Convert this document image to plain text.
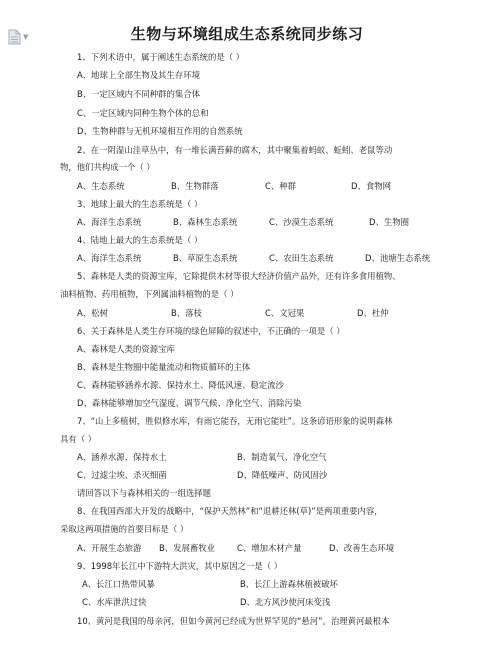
▼	生物与环境组成生态系统同步练习
1、下列术语中，属于阐述生态系统的是（ ）
A、地球上全部生物及其生存环境
B、一定区域内不同种群的集合体
C、一定区域内同种生物个体的总和
D、生物种群与无机环境相互作用的自然系统
2、在一阴湿山洼草丛中，有一堆长满苔藓的腐木，其中聚集着蚂蚁、蚯蚓、老鼠等动
物，他们共构成一个（ ）
A、生态系统	B、生物群落	C、种群	D、食物网
3、地球上最大的生态系统是（ ）
A、海洋生态系统	B、森林生态系统	C、沙漠生态系统	D、生物圈
4、陆地上最大的生态系统是（ ）
A、海洋生态系统	B、草原生态系统	C、农田生态系统	D、池塘生态系统
5、森林是人类的资源宝库，它除提供木材等很大经济价值产品外，还有许多食用植物、
油料植物、药用植物，下列属油料植物的是（ ）
A、松树	B、落枝	C、文冠果	D、杜仲
6、关于森林是人类生存环境的绿色屏障的叙述中，不正确的一项是（ ）
A、森林是人类的资源宝库
B、森林是生物圈中能量流动和物质循环的主体
C、森林能够涵养水源、保持水土、降低风速、稳定流沙
D、森林能够增加空气湿度、调节气候、净化空气、消除污染
7、“山上多植树，胜似修水库，有雨它能吞，无雨它能吐”。这条谚语形象的说明森林
具有（ ）
A、涵养水源、保持水土	B、制造氧气、净化空气
C、过滤尘埃、杀灭细菌	D、降低噪声、防风固沙
请回答以下与森林相关的一组选择题
8、在我国西部大开发的战略中，“保护天然林”和“退耕还林(草)”是两项重要内容，
采取这两项措施的首要目标是（ ）
A、开展生态旅游	B、发展畜牧业	C、增加木材产量	D、改善生态环境
9、1998年长江中下游特大洪灾，其中原因之一是（ ）
A、长江口热带风暴	B、长江上游森林植被破坏
C、水库泄洪过快	D、北方风沙使河床变浅
10、黄河是我国的母亲河，但如今黄河已经成为世界罕见的“悬河”。治理黄河最根本
